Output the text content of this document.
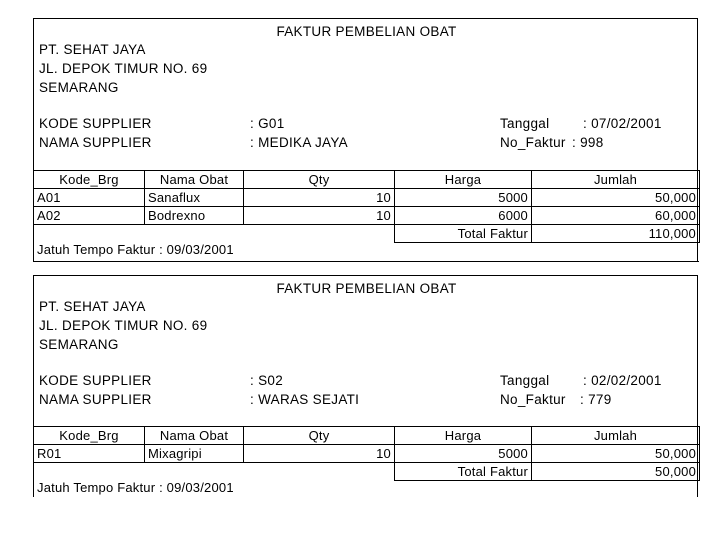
FAKTUR PEMBELIAN OBAT
PT. SEHAT JAYA
JL. DEPOK TIMUR NO. 69
SEMARANG
KODE SUPPLIER	: G01
NAMA SUPPLIER	: MEDIKA JAYA
Tanggal : 07/02/2001
No_Faktur : 998
Kode_Brg	Nama Obat	Qty	Harga	Jumlah
A01	Sanaflux	10	5000	50,000
A02	Bodrexno	10	6000	60,000
			Total Faktur	110,000
Jatuh Tempo Faktur : 09/03/2001
FAKTUR PEMBELIAN OBAT
PT. SEHAT JAYA
JL. DEPOK TIMUR NO. 69
SEMARANG
KODE SUPPLIER	: S02
NAMA SUPPLIER	: WARAS SEJATI
Tanggal : 02/02/2001
No_Faktur : 779
Kode_Brg	Nama Obat	Qty	Harga	Jumlah
R01	Mixagripi	10	5000	50,000
			Total Faktur	50,000
Jatuh Tempo Faktur : 09/03/2001
